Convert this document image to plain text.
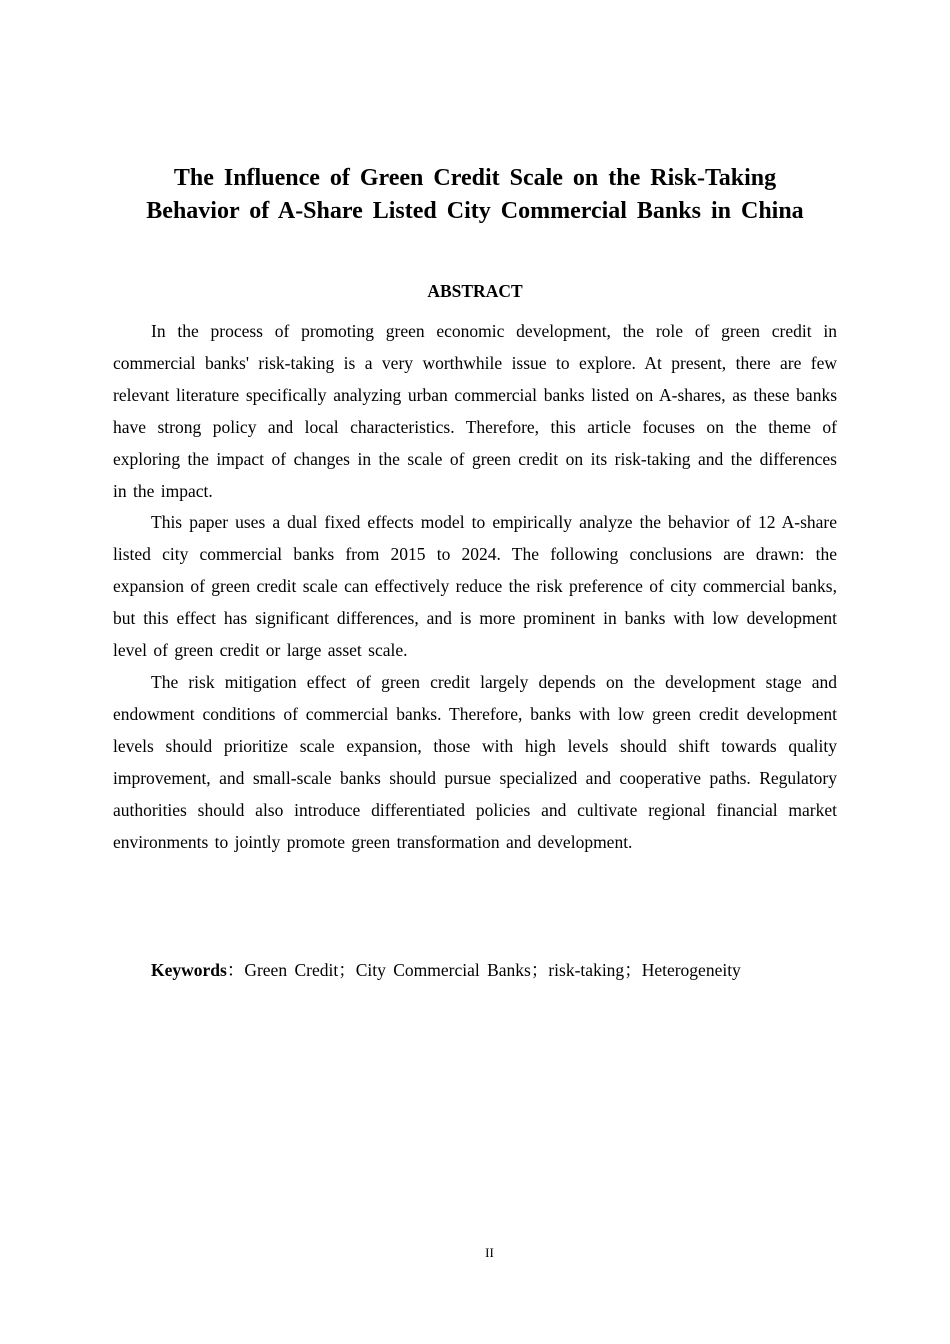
The Influence of Green Credit Scale on the Risk-Taking
Behavior of A-Share Listed City Commercial Banks in China
ABSTRACT

In the process of promoting green economic development, the role of green credit in commercial banks' risk-taking is a very worthwhile issue to explore. At present, there are few relevant literature specifically analyzing urban commercial banks listed on A-shares, as these banks have strong policy and local characteristics. Therefore, this article focuses on the theme of exploring the impact of changes in the scale of green credit on its risk-taking and the differences in the impact.

This paper uses a dual fixed effects model to empirically analyze the behavior of 12 A-share listed city commercial banks from 2015 to 2024. The following conclusions are drawn: the expansion of green credit scale can effectively reduce the risk preference of city commercial banks, but this effect has significant differences, and is more prominent in banks with low development level of green credit or large asset scale.

The risk mitigation effect of green credit largely depends on the development stage and endowment conditions of commercial banks. Therefore, banks with low green credit development levels should prioritize scale expansion, those with high levels should shift towards quality improvement, and small-scale banks should pursue specialized and cooperative paths. Regulatory authorities should also introduce differentiated policies and cultivate regional financial market environments to jointly promote green transformation and development.

Keywords：Green Credit；City Commercial Banks；risk-taking；Heterogeneity

II
